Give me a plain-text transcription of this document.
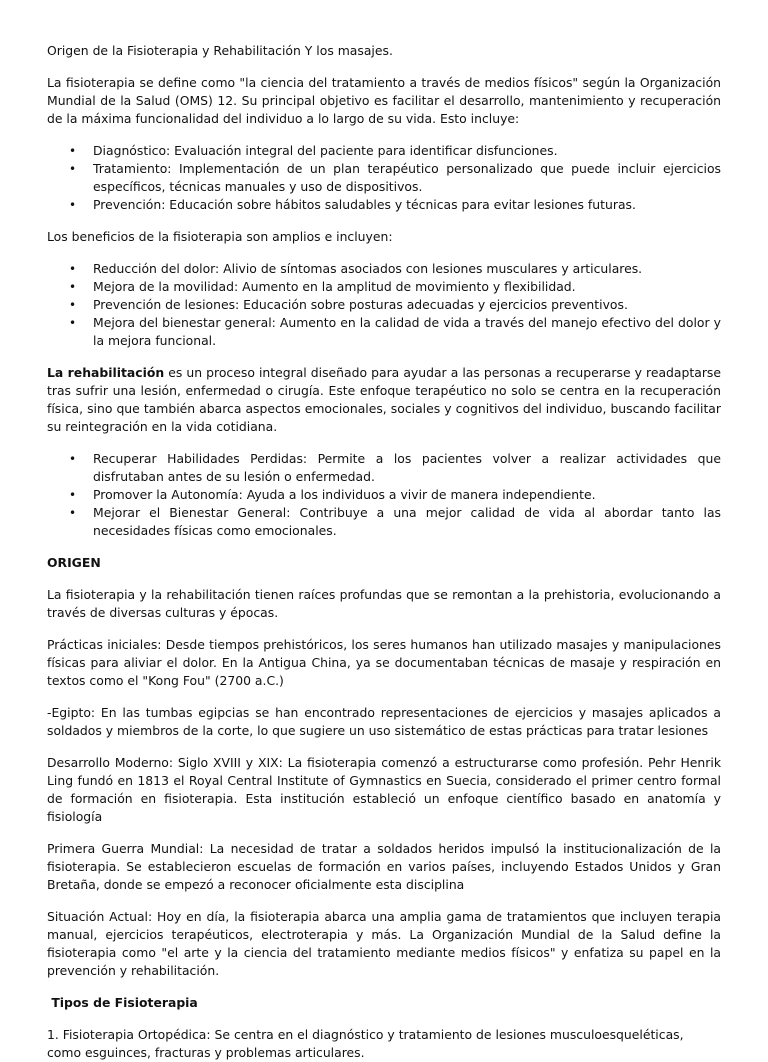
Origen de la Fisioterapia y Rehabilitación Y los masajes.

La fisioterapia se define como "la ciencia del tratamiento a través de medios físicos" según la Organización Mundial de la Salud (OMS) 12. Su principal objetivo es facilitar el desarrollo, mantenimiento y recuperación de la máxima funcionalidad del individuo a lo largo de su vida. Esto incluye:

• Diagnóstico: Evaluación integral del paciente para identificar disfunciones.
• Tratamiento: Implementación de un plan terapéutico personalizado que puede incluir ejercicios específicos, técnicas manuales y uso de dispositivos.
• Prevención: Educación sobre hábitos saludables y técnicas para evitar lesiones futuras.

Los beneficios de la fisioterapia son amplios e incluyen:

• Reducción del dolor: Alivio de síntomas asociados con lesiones musculares y articulares.
• Mejora de la movilidad: Aumento en la amplitud de movimiento y flexibilidad.
• Prevención de lesiones: Educación sobre posturas adecuadas y ejercicios preventivos.
• Mejora del bienestar general: Aumento en la calidad de vida a través del manejo efectivo del dolor y la mejora funcional.

La rehabilitación es un proceso integral diseñado para ayudar a las personas a recuperarse y readaptarse tras sufrir una lesión, enfermedad o cirugía. Este enfoque terapéutico no solo se centra en la recuperación física, sino que también abarca aspectos emocionales, sociales y cognitivos del individuo, buscando facilitar su reintegración en la vida cotidiana.

• Recuperar Habilidades Perdidas: Permite a los pacientes volver a realizar actividades que disfrutaban antes de su lesión o enfermedad.
• Promover la Autonomía: Ayuda a los individuos a vivir de manera independiente.
• Mejorar el Bienestar General: Contribuye a una mejor calidad de vida al abordar tanto las necesidades físicas como emocionales.

ORIGEN

La fisioterapia y la rehabilitación tienen raíces profundas que se remontan a la prehistoria, evolucionando a través de diversas culturas y épocas.

Prácticas iniciales: Desde tiempos prehistóricos, los seres humanos han utilizado masajes y manipulaciones físicas para aliviar el dolor. En la Antigua China, ya se documentaban técnicas de masaje y respiración en textos como el "Kong Fou" (2700 a.C.)

-Egipto: En las tumbas egipcias se han encontrado representaciones de ejercicios y masajes aplicados a soldados y miembros de la corte, lo que sugiere un uso sistemático de estas prácticas para tratar lesiones

Desarrollo Moderno: Siglo XVIII y XIX: La fisioterapia comenzó a estructurarse como profesión. Pehr Henrik Ling fundó en 1813 el Royal Central Institute of Gymnastics en Suecia, considerado el primer centro formal de formación en fisioterapia. Esta institución estableció un enfoque científico basado en anatomía y fisiología

Primera Guerra Mundial: La necesidad de tratar a soldados heridos impulsó la institucionalización de la fisioterapia. Se establecieron escuelas de formación en varios países, incluyendo Estados Unidos y Gran Bretaña, donde se empezó a reconocer oficialmente esta disciplina

Situación Actual: Hoy en día, la fisioterapia abarca una amplia gama de tratamientos que incluyen terapia manual, ejercicios terapéuticos, electroterapia y más. La Organización Mundial de la Salud define la fisioterapia como "el arte y la ciencia del tratamiento mediante medios físicos" y enfatiza su papel en la prevención y rehabilitación.

Tipos de Fisioterapia

1. Fisioterapia Ortopédica: Se centra en el diagnóstico y tratamiento de lesiones musculoesqueléticas, como esguinces, fracturas y problemas articulares.
